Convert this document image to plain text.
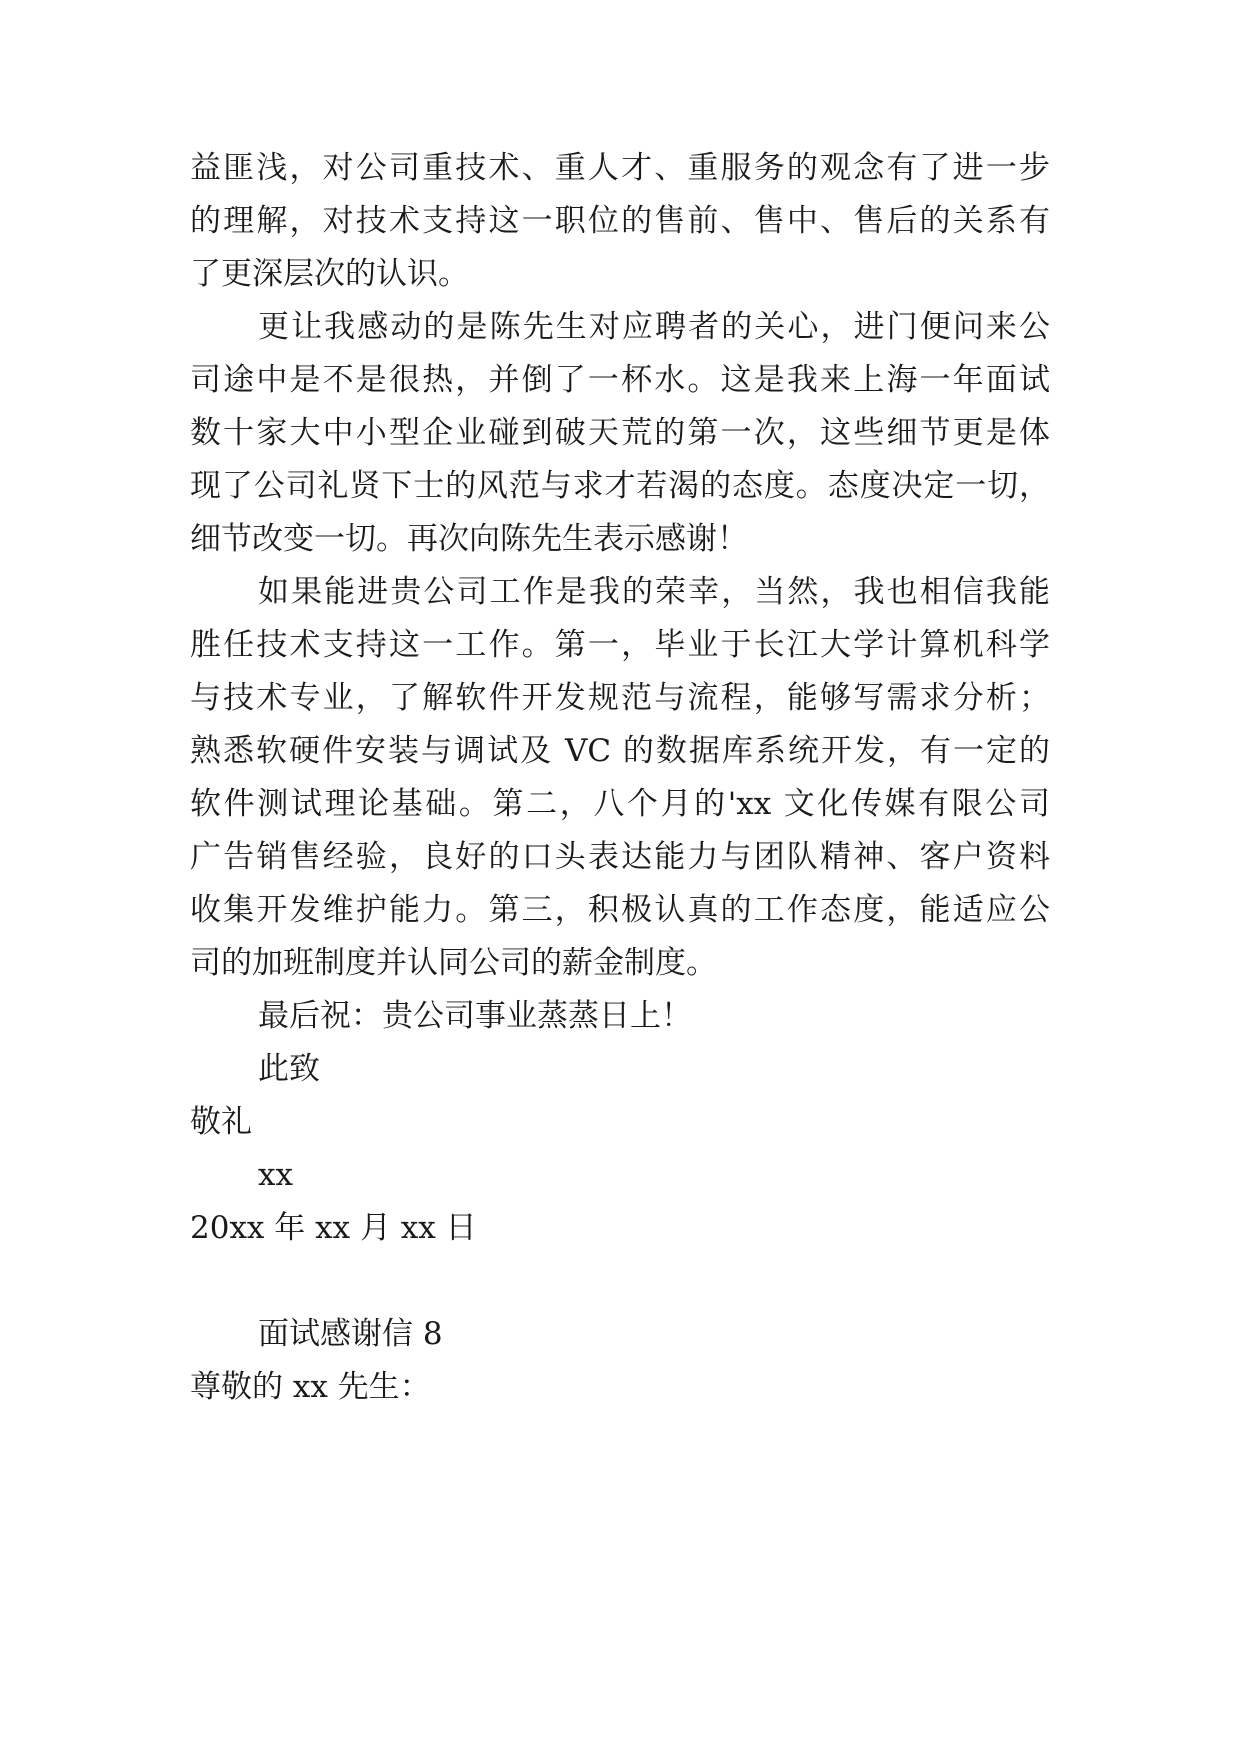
益匪浅，对公司重技术、重人才、重服务的观念有了进一步
的理解，对技术支持这一职位的售前、售中、售后的关系有
了更深层次的认识。
更让我感动的是陈先生对应聘者的关心，进门便问来公
司途中是不是很热，并倒了一杯水。这是我来上海一年面试
数十家大中小型企业碰到破天荒的第一次，这些细节更是体
现了公司礼贤下士的风范与求才若渴的态度。态度决定一切，
细节改变一切。再次向陈先生表示感谢！
如果能进贵公司工作是我的荣幸，当然，我也相信我能
胜任技术支持这一工作。第一，毕业于长江大学计算机科学
与技术专业，了解软件开发规范与流程，能够写需求分析；
熟悉软硬件安装与调试及 VC 的数据库系统开发，有一定的
软件测试理论基础。第二，八个月的'xx 文化传媒有限公司
广告销售经验，良好的口头表达能力与团队精神、客户资料
收集开发维护能力。第三，积极认真的工作态度，能适应公
司的加班制度并认同公司的薪金制度。
最后祝：贵公司事业蒸蒸日上！
此致
敬礼
xx
20xx 年 xx 月 xx 日
面试感谢信 8
尊敬的 xx 先生：
